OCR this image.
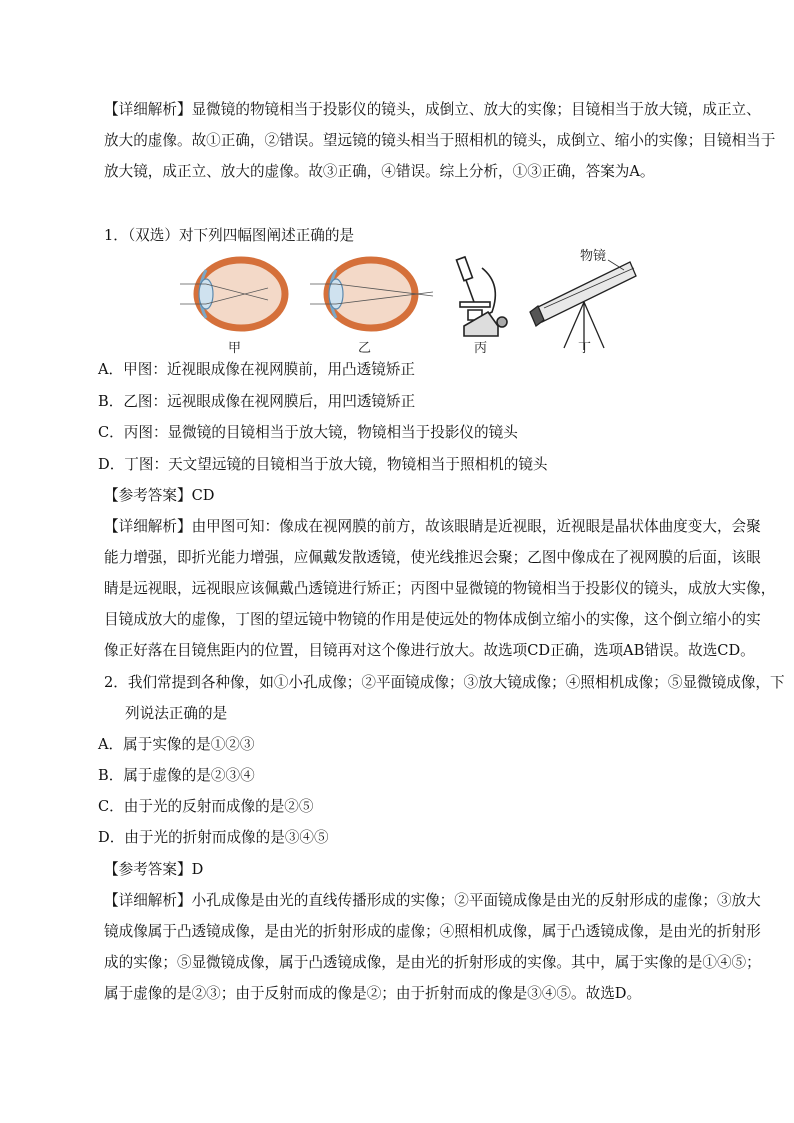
【详细解析】显微镜的物镜相当于投影仪的镜头，成倒立、放大的实像；目镜相当于放大镜，成正立、
放大的虚像。故①正确，②错误。望远镜的镜头相当于照相机的镜头，成倒立、缩小的实像；目镜相当于
放大镜，成正立、放大的虚像。故③正确，④错误。综上分析，①③正确，答案为A。
1．（双选）对下列四幅图阐述正确的是
物镜
甲	乙	丙	丁
A．甲图：近视眼成像在视网膜前，用凸透镜矫正
B．乙图：远视眼成像在视网膜后，用凹透镜矫正
C．丙图：显微镜的目镜相当于放大镜，物镜相当于投影仪的镜头
D．丁图：天文望远镜的目镜相当于放大镜，物镜相当于照相机的镜头
【参考答案】CD
【详细解析】由甲图可知：像成在视网膜的前方，故该眼睛是近视眼，近视眼是晶状体曲度变大，会聚
能力增强，即折光能力增强，应佩戴发散透镜，使光线推迟会聚；乙图中像成在了视网膜的后面，该眼
睛是远视眼，远视眼应该佩戴凸透镜进行矫正；丙图中显微镜的物镜相当于投影仪的镜头，成放大实像，
目镜成放大的虚像，丁图的望远镜中物镜的作用是使远处的物体成倒立缩小的实像，这个倒立缩小的实
像正好落在目镜焦距内的位置，目镜再对这个像进行放大。故选项CD正确，选项AB错误。故选CD。
2．我们常提到各种像，如①小孔成像；②平面镜成像；③放大镜成像；④照相机成像；⑤显微镜成像，下
列说法正确的是
A．属于实像的是①②③
B．属于虚像的是②③④
C．由于光的反射而成像的是②⑤
D．由于光的折射而成像的是③④⑤
【参考答案】D
【详细解析】小孔成像是由光的直线传播形成的实像；②平面镜成像是由光的反射形成的虚像；③放大
镜成像属于凸透镜成像，是由光的折射形成的虚像；④照相机成像，属于凸透镜成像，是由光的折射形
成的实像；⑤显微镜成像，属于凸透镜成像，是由光的折射形成的实像。其中，属于实像的是①④⑤；
属于虚像的是②③；由于反射而成的像是②；由于折射而成的像是③④⑤。故选D。
